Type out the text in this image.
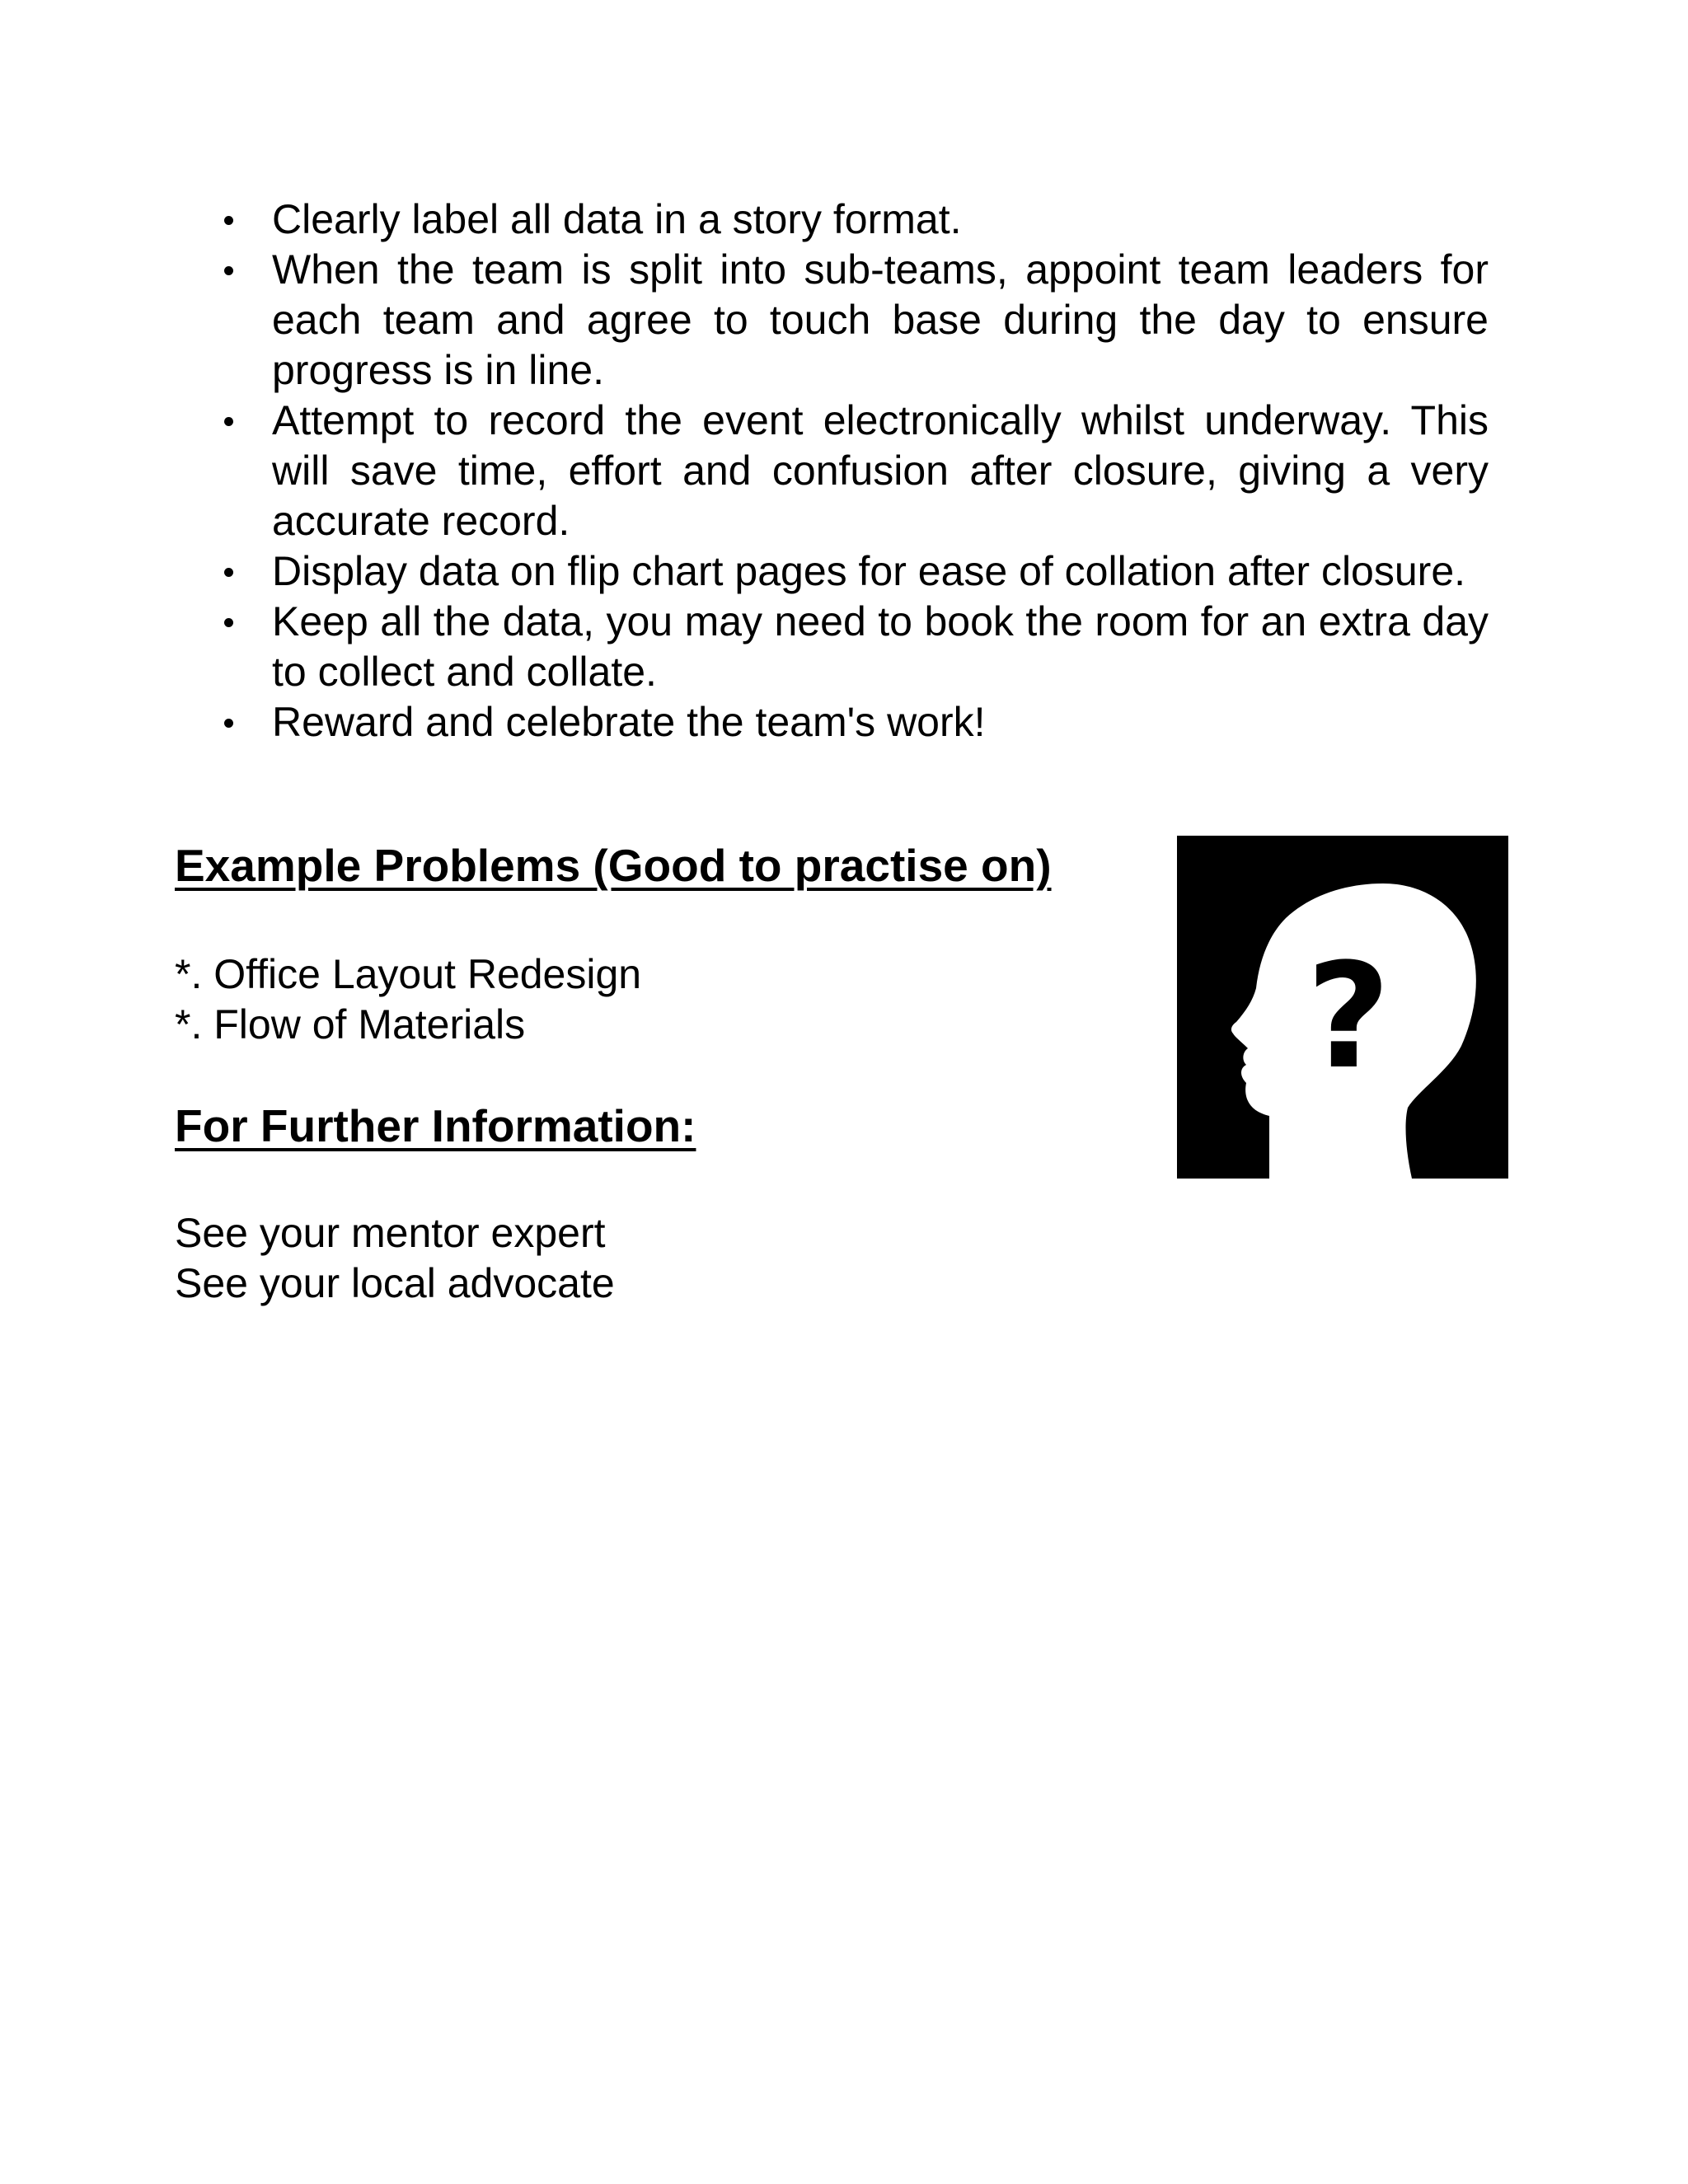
Clearly label all data in a story format.
When the team is split into sub-teams, appoint team leaders for each team and agree to touch base during the day to ensure progress is in line.
Attempt to record the event electronically whilst underway. This will save time, effort and confusion after closure, giving a very accurate record.
Display data on flip chart pages for ease of collation after closure.
Keep all the data, you may need to book the room for an extra day to collect and collate.
Reward and celebrate the team's work!
Example Problems (Good to practise on)
*. Office Layout Redesign
*. Flow of Materials
For Further Information:
See your mentor expert
See your local advocate
?
